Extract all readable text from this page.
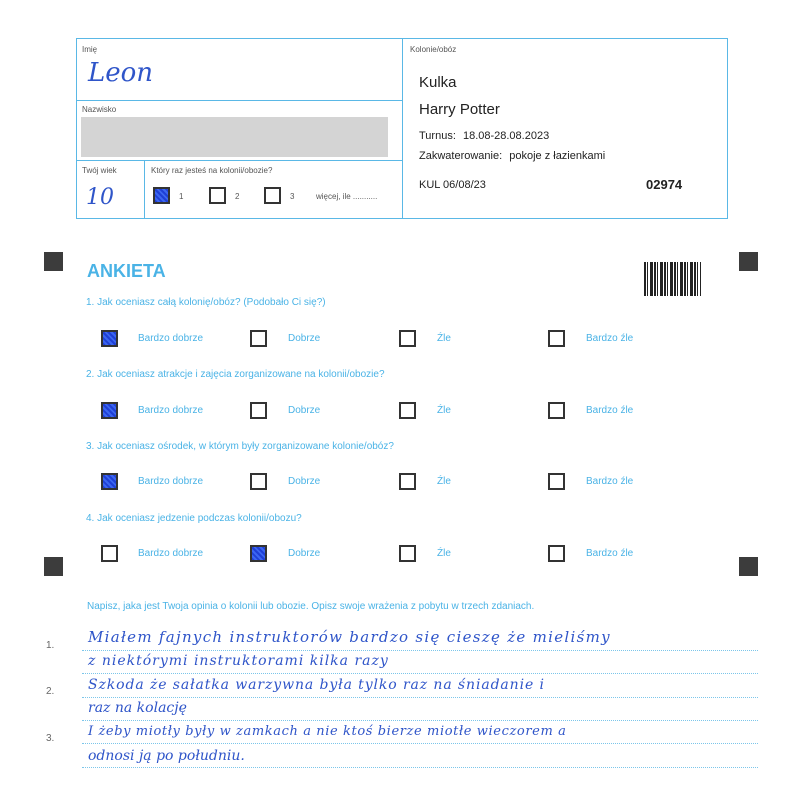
Imię
Leon
Nazwisko
Twój wiek
10
Który raz jesteś na kolonii/obozie?
1	2	3	więcej, ile ...........
Kolonie/obóz
Kulka
Harry Potter
Turnus: 18.08-28.08.2023
Zakwaterowanie: pokoje z łazienkami
KUL 06/08/23	02974
ANKIETA
1. Jak oceniasz całą kolonię/obóz? (Podobało Ci się?)
Bardzo dobrze	Dobrze	Źle	Bardzo źle
2. Jak oceniasz atrakcje i zajęcia zorganizowane na kolonii/obozie?
Bardzo dobrze	Dobrze	Źle	Bardzo źle
3. Jak oceniasz ośrodek, w którym były zorganizowane kolonie/obóz?
Bardzo dobrze	Dobrze	Źle	Bardzo źle
4. Jak oceniasz jedzenie podczas kolonii/obozu?
Bardzo dobrze	Dobrze	Źle	Bardzo źle
Napisz, jaka jest Twoja opinia o kolonii lub obozie. Opisz swoje wrażenia z pobytu w trzech zdaniach.
1.
2.
3.
Miałem fajnych instruktorów bardzo się cieszę że mieliśmy
z niektórymi instruktorami kilka razy
Szkoda że sałatka warzywna była tylko raz na śniadanie i
raz na kolację
I żeby miotły były w zamkach a nie ktoś bierze miotłe wieczorem a
odnosi ją po południu.
